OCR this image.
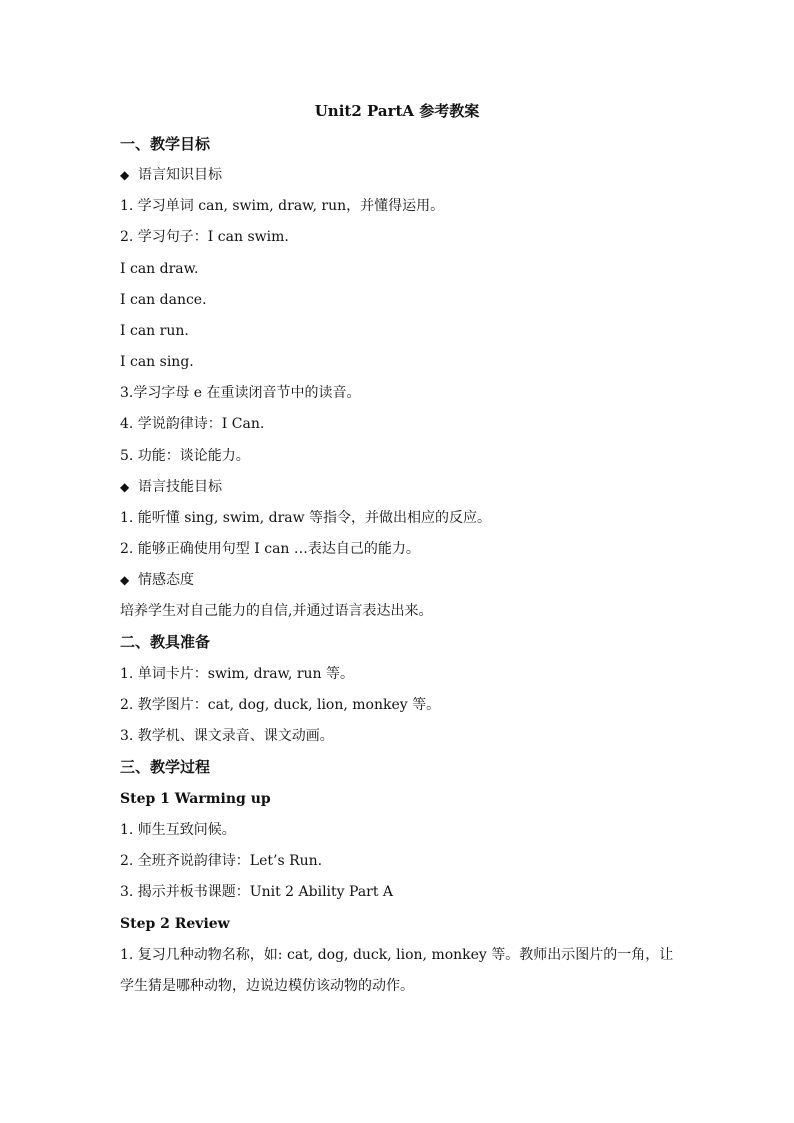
Unit2 PartA 参考教案
一、教学目标
◆ 语言知识目标
1. 学习单词 can, swim, draw, run，并懂得运用。
2. 学习句子：I can swim.
I can draw.
I can dance.
I can run.
I can sing.
3.学习字母 e 在重读闭音节中的读音。
4. 学说韵律诗：I Can.
5. 功能：谈论能力。
◆ 语言技能目标
1. 能听懂 sing, swim, draw 等指令，并做出相应的反应。
2. 能够正确使用句型 I can …表达自己的能力。
◆ 情感态度
培养学生对自己能力的自信,并通过语言表达出来。
二、教具准备
1. 单词卡片：swim, draw, run 等。
2. 教学图片：cat, dog, duck, lion, monkey 等。
3. 教学机、课文录音、课文动画。
三、教学过程
Step 1 Warming up
1. 师生互致问候。
2. 全班齐说韵律诗：Let’s Run.
3. 揭示并板书课题：Unit 2 Ability Part A
Step 2 Review
1. 复习几种动物名称，如: cat, dog, duck, lion, monkey 等。教师出示图片的一角，让学生猜是哪种动物，边说边模仿该动物的动作。
